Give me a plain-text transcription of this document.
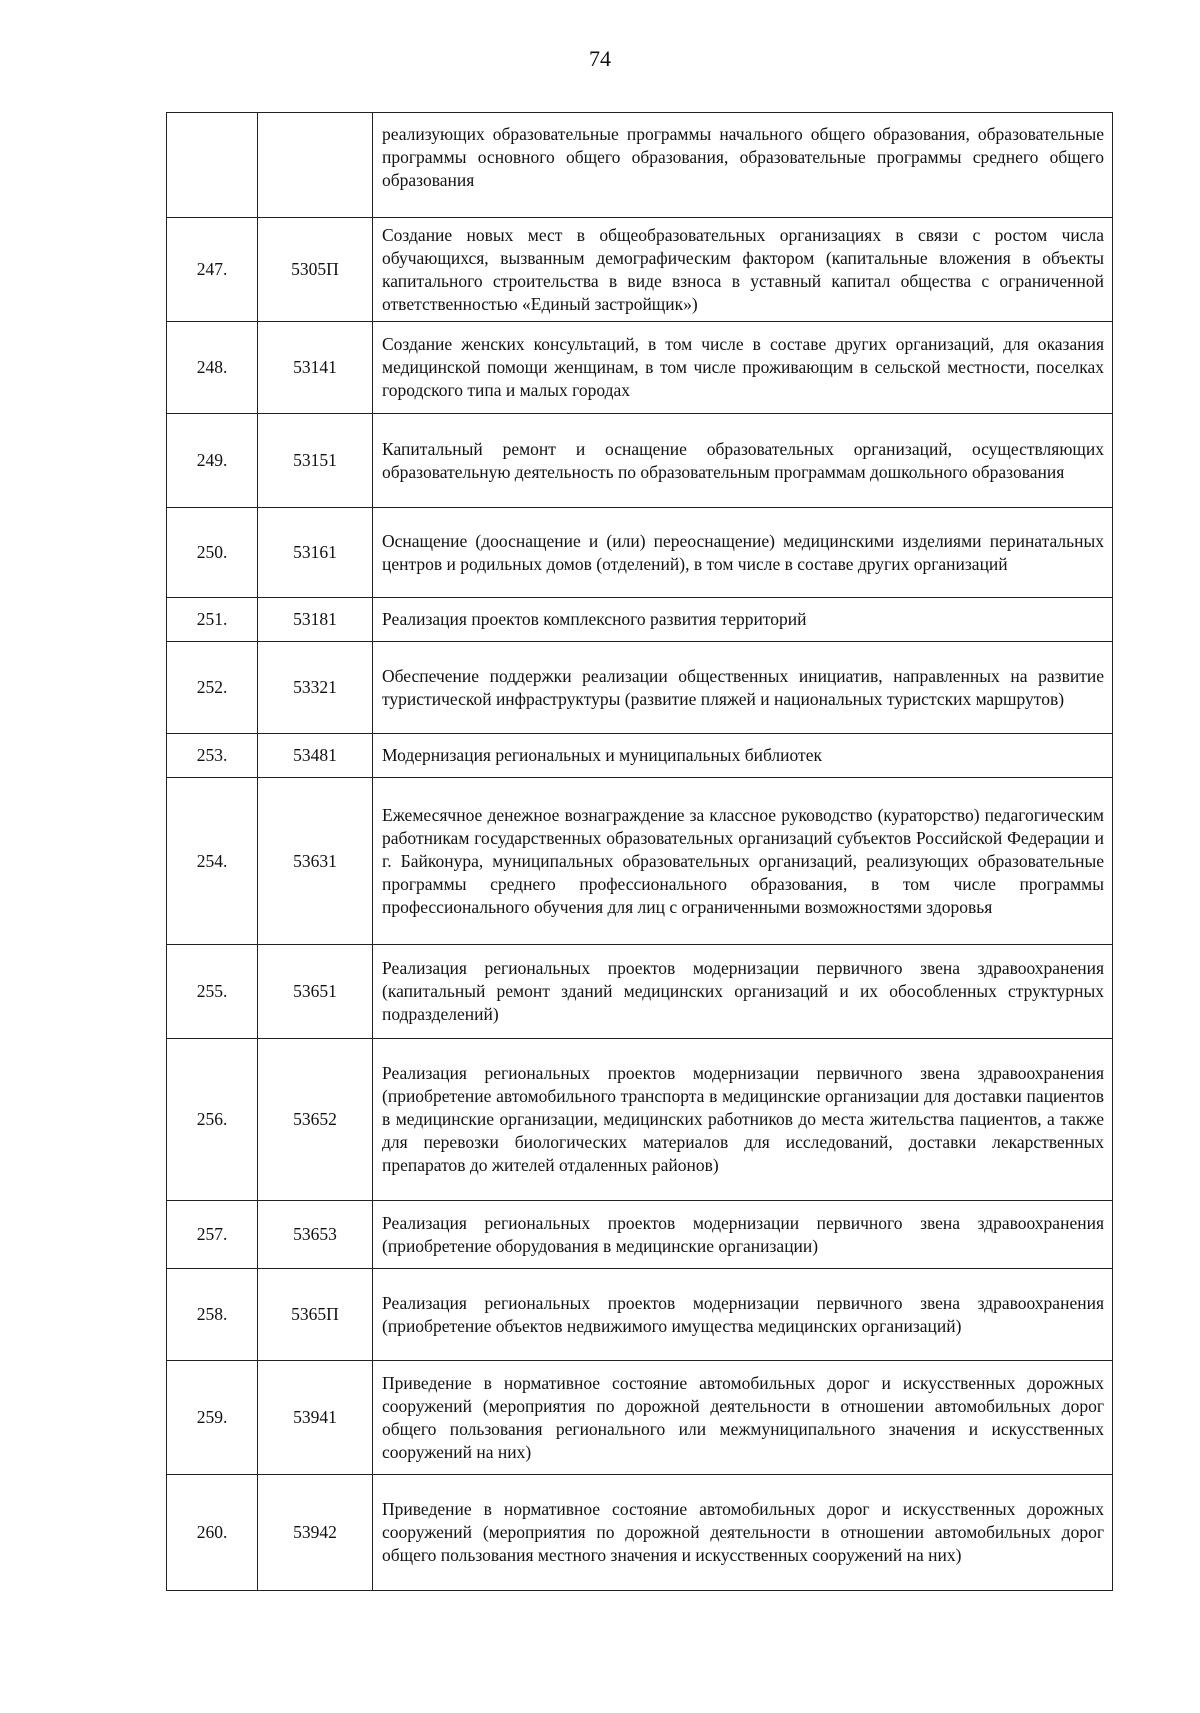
74
		реализующих образовательные программы начального общего образования, образовательные программы основного общего образования, образовательные программы среднего общего образования
247.	5305П	Создание новых мест в общеобразовательных организациях в связи с ростом числа обучающихся, вызванным демографическим фактором (капитальные вложения в объекты капитального строительства в виде взноса в уставный капитал общества с ограниченной ответственностью «Единый застройщик»)
248.	53141	Создание женских консультаций, в том числе в составе других организаций, для оказания медицинской помощи женщинам, в том числе проживающим в сельской местности, поселках городского типа и малых городах
249.	53151	Капитальный ремонт и оснащение образовательных организаций, осуществляющих образовательную деятельность по образовательным программам дошкольного образования
250.	53161	Оснащение (дооснащение и (или) переоснащение) медицинскими изделиями перинатальных центров и родильных домов (отделений), в том числе в составе других организаций
251.	53181	Реализация проектов комплексного развития территорий
252.	53321	Обеспечение поддержки реализации общественных инициатив, направленных на развитие туристической инфраструктуры (развитие пляжей и национальных туристских маршрутов)
253.	53481	Модернизация региональных и муниципальных библиотек
254.	53631	Ежемесячное денежное вознаграждение за классное руководство (кураторство) педагогическим работникам государственных образовательных организаций субъектов Российской Федерации и г. Байконура, муниципальных образовательных организаций, реализующих образовательные программы среднего профессионального образования, в том числе программы профессионального обучения для лиц с ограниченными возможностями здоровья
255.	53651	Реализация региональных проектов модернизации первичного звена здравоохранения (капитальный ремонт зданий медицинских организаций и их обособленных структурных подразделений)
256.	53652	Реализация региональных проектов модернизации первичного звена здравоохранения (приобретение автомобильного транспорта в медицинские организации для доставки пациентов в медицинские организации, медицинских работников до места жительства пациентов, а также для перевозки биологических материалов для исследований, доставки лекарственных препаратов до жителей отдаленных районов)
257.	53653	Реализация региональных проектов модернизации первичного звена здравоохранения (приобретение оборудования в медицинские организации)
258.	5365П	Реализация региональных проектов модернизации первичного звена здравоохранения (приобретение объектов недвижимого имущества медицинских организаций)
259.	53941	Приведение в нормативное состояние автомобильных дорог и искусственных дорожных сооружений (мероприятия по дорожной деятельности в отношении автомобильных дорог общего пользования регионального или межмуниципального значения и искусственных сооружений на них)
260.	53942	Приведение в нормативное состояние автомобильных дорог и искусственных дорожных сооружений (мероприятия по дорожной деятельности в отношении автомобильных дорог общего пользования местного значения и искусственных сооружений на них)
